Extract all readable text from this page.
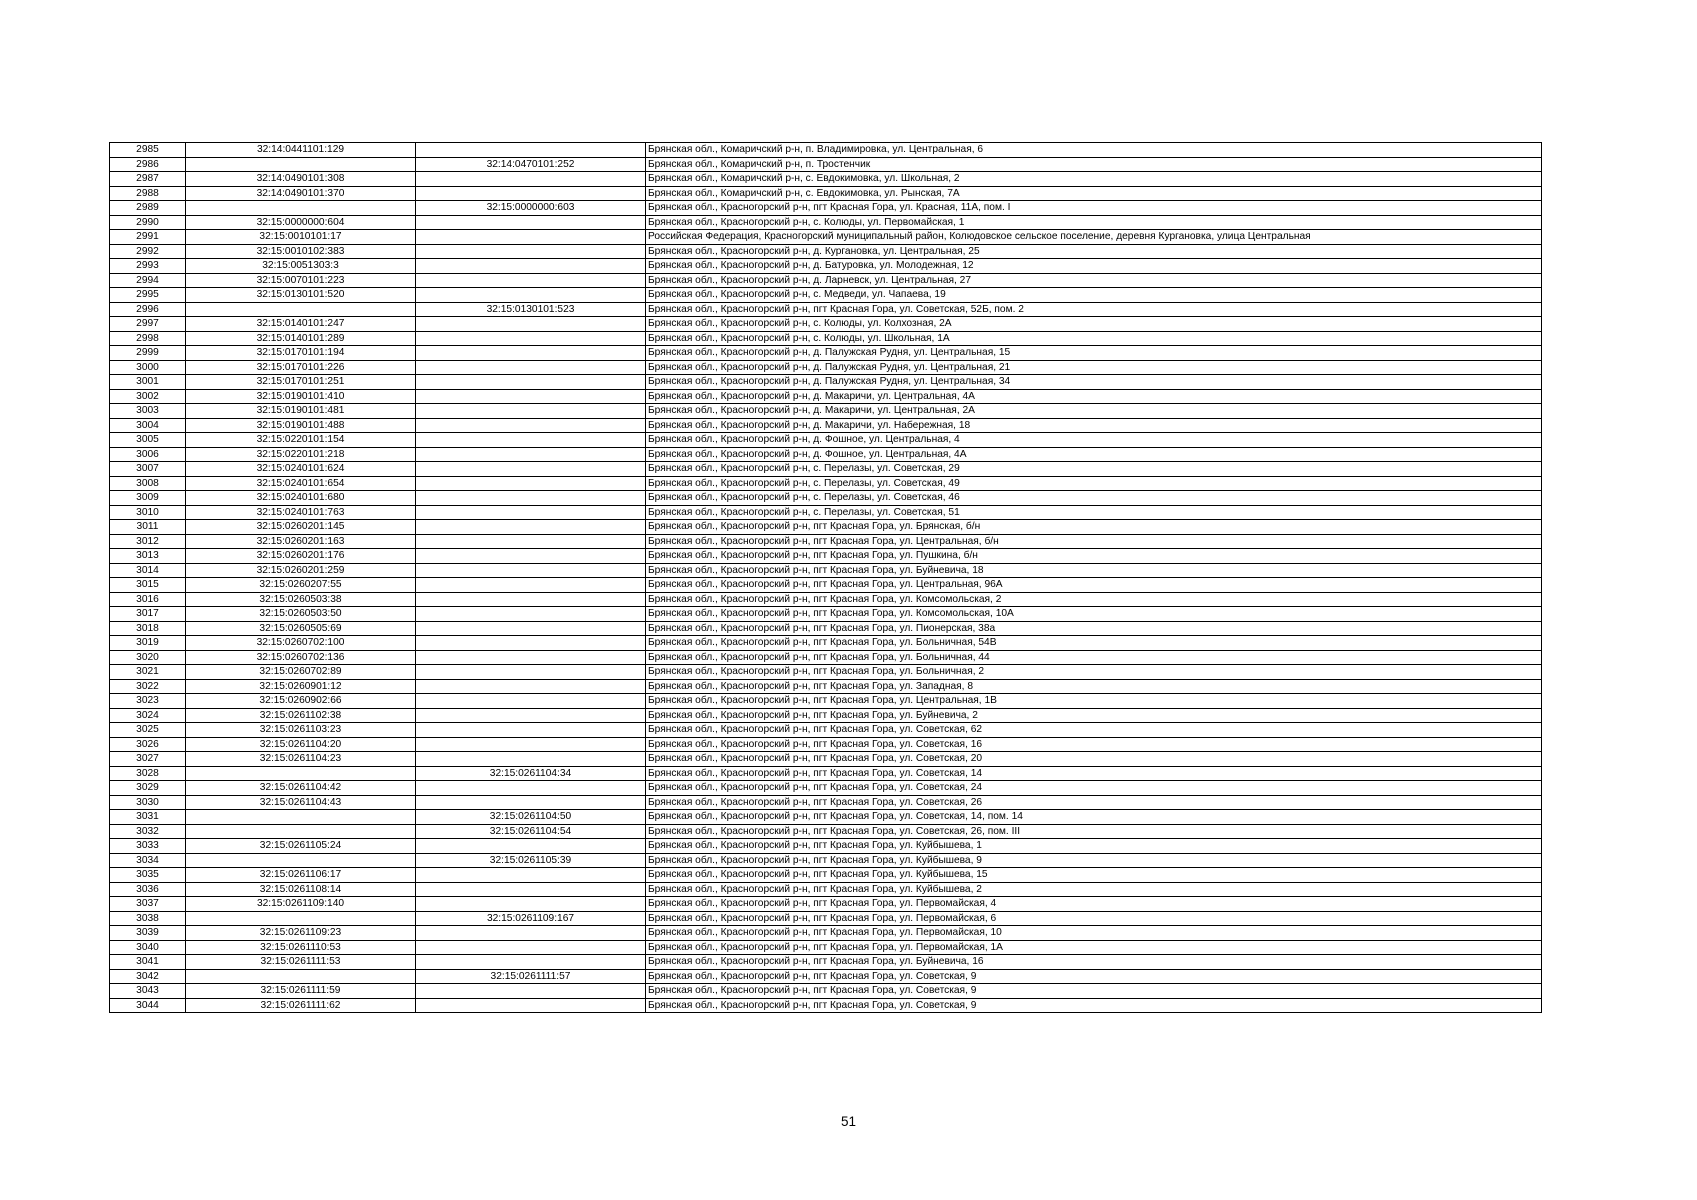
2985	32:14:0441101:129		Брянская обл., Комаричский р-н, п. Владимировка, ул. Центральная, 6
2986		32:14:0470101:252	Брянская обл., Комаричский р-н, п. Тростенчик
2987	32:14:0490101:308		Брянская обл., Комаричский р-н, с. Евдокимовка, ул. Школьная, 2
2988	32:14:0490101:370		Брянская обл., Комаричский р-н, с. Евдокимовка, ул. Рынская, 7А
2989		32:15:0000000:603	Брянская обл., Красногорский р-н, пгт Красная Гора, ул. Красная, 11А, пом. I
2990	32:15:0000000:604		Брянская обл., Красногорский р-н, с. Колюды, ул. Первомайская, 1
2991	32:15:0010101:17		Российская Федерация, Красногорский муниципальный район, Колюдовское сельское поселение, деревня Кургановка, улица Центральная
2992	32:15:0010102:383		Брянская обл., Красногорский р-н, д. Кургановка, ул. Центральная, 25
2993	32:15:0051303:3		Брянская обл., Красногорский р-н, д. Батуровка, ул. Молодежная, 12
2994	32:15:0070101:223		Брянская обл., Красногорский р-н, д. Ларневск, ул. Центральная, 27
2995	32:15:0130101:520		Брянская обл., Красногорский р-н, с. Медведи, ул. Чапаева, 19
2996		32:15:0130101:523	Брянская обл., Красногорский р-н, пгт Красная Гора, ул. Советская, 52Б, пом. 2
2997	32:15:0140101:247		Брянская обл., Красногорский р-н, с. Колюды, ул. Колхозная, 2А
2998	32:15:0140101:289		Брянская обл., Красногорский р-н, с. Колюды, ул. Школьная, 1А
2999	32:15:0170101:194		Брянская обл., Красногорский р-н, д. Палужская Рудня, ул. Центральная, 15
3000	32:15:0170101:226		Брянская обл., Красногорский р-н, д. Палужская Рудня, ул. Центральная, 21
3001	32:15:0170101:251		Брянская обл., Красногорский р-н, д. Палужская Рудня, ул. Центральная, 34
3002	32:15:0190101:410		Брянская обл., Красногорский р-н, д. Макаричи, ул. Центральная, 4А
3003	32:15:0190101:481		Брянская обл., Красногорский р-н, д. Макаричи, ул. Центральная, 2А
3004	32:15:0190101:488		Брянская обл., Красногорский р-н, д. Макаричи, ул. Набережная, 18
3005	32:15:0220101:154		Брянская обл., Красногорский р-н, д. Фошное, ул. Центральная, 4
3006	32:15:0220101:218		Брянская обл., Красногорский р-н, д. Фошное, ул. Центральная, 4А
3007	32:15:0240101:624		Брянская обл., Красногорский р-н, с. Перелазы, ул. Советская, 29
3008	32:15:0240101:654		Брянская обл., Красногорский р-н, с. Перелазы, ул. Советская, 49
3009	32:15:0240101:680		Брянская обл., Красногорский р-н, с. Перелазы, ул. Советская, 46
3010	32:15:0240101:763		Брянская обл., Красногорский р-н, с. Перелазы, ул. Советская, 51
3011	32:15:0260201:145		Брянская обл., Красногорский р-н, пгт Красная Гора, ул. Брянская, б/н
3012	32:15:0260201:163		Брянская обл., Красногорский р-н, пгт Красная Гора, ул. Центральная, б/н
3013	32:15:0260201:176		Брянская обл., Красногорский р-н, пгт Красная Гора, ул. Пушкина, б/н
3014	32:15:0260201:259		Брянская обл., Красногорский р-н, пгт Красная Гора, ул. Буйневича, 18
3015	32:15:0260207:55		Брянская обл., Красногорский р-н, пгт Красная Гора, ул. Центральная, 96А
3016	32:15:0260503:38		Брянская обл., Красногорский р-н, пгт Красная Гора, ул. Комсомольская, 2
3017	32:15:0260503:50		Брянская обл., Красногорский р-н, пгт Красная Гора, ул. Комсомольская, 10А
3018	32:15:0260505:69		Брянская обл., Красногорский р-н, пгт Красная Гора, ул. Пионерская, 38а
3019	32:15:0260702:100		Брянская обл., Красногорский р-н, пгт Красная Гора, ул. Больничная, 54В
3020	32:15:0260702:136		Брянская обл., Красногорский р-н, пгт Красная Гора, ул. Больничная, 44
3021	32:15:0260702:89		Брянская обл., Красногорский р-н, пгт Красная Гора, ул. Больничная, 2
3022	32:15:0260901:12		Брянская обл., Красногорский р-н, пгт Красная Гора, ул. Западная, 8
3023	32:15:0260902:66		Брянская обл., Красногорский р-н, пгт Красная Гора, ул. Центральная, 1В
3024	32:15:0261102:38		Брянская обл., Красногорский р-н, пгт Красная Гора, ул. Буйневича, 2
3025	32:15:0261103:23		Брянская обл., Красногорский р-н, пгт Красная Гора, ул. Советская, 62
3026	32:15:0261104:20		Брянская обл., Красногорский р-н, пгт Красная Гора, ул. Советская, 16
3027	32:15:0261104:23		Брянская обл., Красногорский р-н, пгт Красная Гора, ул. Советская, 20
3028		32:15:0261104:34	Брянская обл., Красногорский р-н, пгт Красная Гора, ул. Советская, 14
3029	32:15:0261104:42		Брянская обл., Красногорский р-н, пгт Красная Гора, ул. Советская, 24
3030	32:15:0261104:43		Брянская обл., Красногорский р-н, пгт Красная Гора, ул. Советская, 26
3031		32:15:0261104:50	Брянская обл., Красногорский р-н, пгт Красная Гора, ул. Советская, 14, пом. 14
3032		32:15:0261104:54	Брянская обл., Красногорский р-н, пгт Красная Гора, ул. Советская, 26, пом. III
3033	32:15:0261105:24		Брянская обл., Красногорский р-н, пгт Красная Гора, ул. Куйбышева, 1
3034		32:15:0261105:39	Брянская обл., Красногорский р-н, пгт Красная Гора, ул. Куйбышева, 9
3035	32:15:0261106:17		Брянская обл., Красногорский р-н, пгт Красная Гора, ул. Куйбышева, 15
3036	32:15:0261108:14		Брянская обл., Красногорский р-н, пгт Красная Гора, ул. Куйбышева, 2
3037	32:15:0261109:140		Брянская обл., Красногорский р-н, пгт Красная Гора, ул. Первомайская, 4
3038		32:15:0261109:167	Брянская обл., Красногорский р-н, пгт Красная Гора, ул. Первомайская, 6
3039	32:15:0261109:23		Брянская обл., Красногорский р-н, пгт Красная Гора, ул. Первомайская, 10
3040	32:15:0261110:53		Брянская обл., Красногорский р-н, пгт Красная Гора, ул. Первомайская, 1А
3041	32:15:0261111:53		Брянская обл., Красногорский р-н, пгт Красная Гора, ул. Буйневича, 16
3042		32:15:0261111:57	Брянская обл., Красногорский р-н, пгт Красная Гора, ул. Советская, 9
3043	32:15:0261111:59		Брянская обл., Красногорский р-н, пгт Красная Гора, ул. Советская, 9
3044	32:15:0261111:62		Брянская обл., Красногорский р-н, пгт Красная Гора, ул. Советская, 9
51
